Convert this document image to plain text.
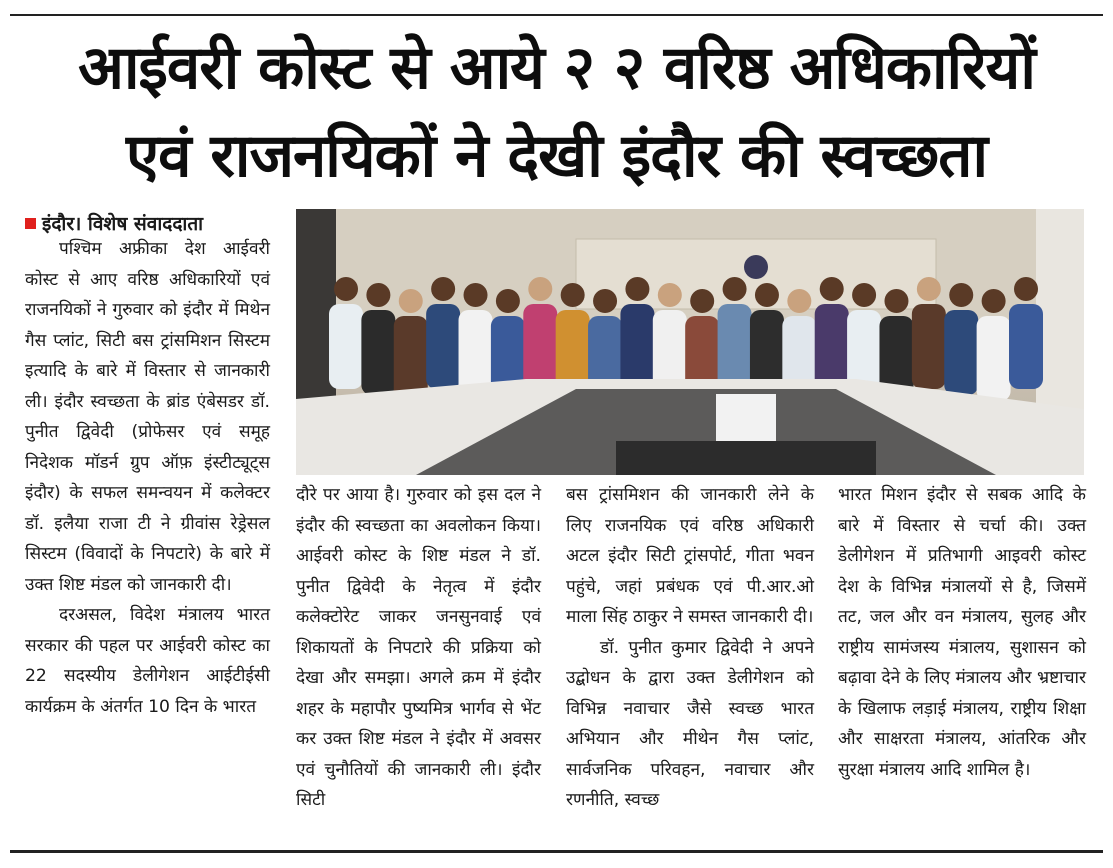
आईवरी कोस्ट से आये २ २ वरिष्ठ अधिकारियों
एवं राजनयिकों ने देखी इंदौर की स्वच्छता
इंदौर। विशेष संवाददाता

पश्चिम अफ्रीका देश आईवरी कोस्ट से आए वरिष्ठ अधिकारियों एवं राजनयिकों ने गुरुवार को इंदौर में मिथेन गैस प्लांट, सिटी बस ट्रांसमिशन सिस्टम इत्यादि के बारे में विस्तार से जानकारी ली। इंदौर स्वच्छता के ब्रांड एंबेसडर डॉ. पुनीत द्विवेदी (प्रोफेसर एवं समूह निदेशक मॉडर्न ग्रुप ऑफ़ इंस्टीट्यूट्स इंदौर) के सफल समन्वयन में कलेक्टर डॉ. इलैया राजा टी ने ग्रीवांस रेड्रेसल सिस्टम (विवादों के निपटारे) के बारे में उक्त शिष्ट मंडल को जानकारी दी।

दरअसल, विदेश मंत्रालय भारत सरकार की पहल पर आईवरी कोस्ट का 22 सदस्यीय डेलीगेशन आईटीईसी कार्यक्रम के अंतर्गत 10 दिन के भारत

दौरे पर आया है। गुरुवार को इस दल ने इंदौर की स्वच्छता का अवलोकन किया। आईवरी कोस्ट के शिष्ट मंडल ने डॉ. पुनीत द्विवेदी के नेतृत्व में इंदौर कलेक्टोरेट जाकर जनसुनवाई एवं शिकायतों के निपटारे की प्रक्रिया को देखा और समझा। अगले क्रम में इंदौर शहर के महापौर पुष्यमित्र भार्गव से भेंट कर उक्त शिष्ट मंडल ने इंदौर में अवसर एवं चुनौतियों की जानकारी ली। इंदौर सिटी

बस ट्रांसमिशन की जानकारी लेने के लिए राजनयिक एवं वरिष्ठ अधिकारी अटल इंदौर सिटी ट्रांसपोर्ट, गीता भवन पहुंचे, जहां प्रबंधक एवं पी.आर.ओ माला सिंह ठाकुर ने समस्त जानकारी दी।

डॉ. पुनीत कुमार द्विवेदी ने अपने उद्बोधन के द्वारा उक्त डेलीगेशन को विभिन्न नवाचार जैसे स्वच्छ भारत अभियान और मीथेन गैस प्लांट, सार्वजनिक परिवहन, नवाचार और रणनीति, स्वच्छ

भारत मिशन इंदौर से सबक आदि के बारे में विस्तार से चर्चा की। उक्त डेलीगेशन में प्रतिभागी आइवरी कोस्ट देश के विभिन्न मंत्रालयों से है, जिसमें तट, जल और वन मंत्रालय, सुलह और राष्ट्रीय सामंजस्य मंत्रालय, सुशासन को बढ़ावा देने के लिए मंत्रालय और भ्रष्टाचार के खिलाफ लड़ाई मंत्रालय, राष्ट्रीय शिक्षा और साक्षरता मंत्रालय, आंतरिक और सुरक्षा मंत्रालय आदि शामिल है।
